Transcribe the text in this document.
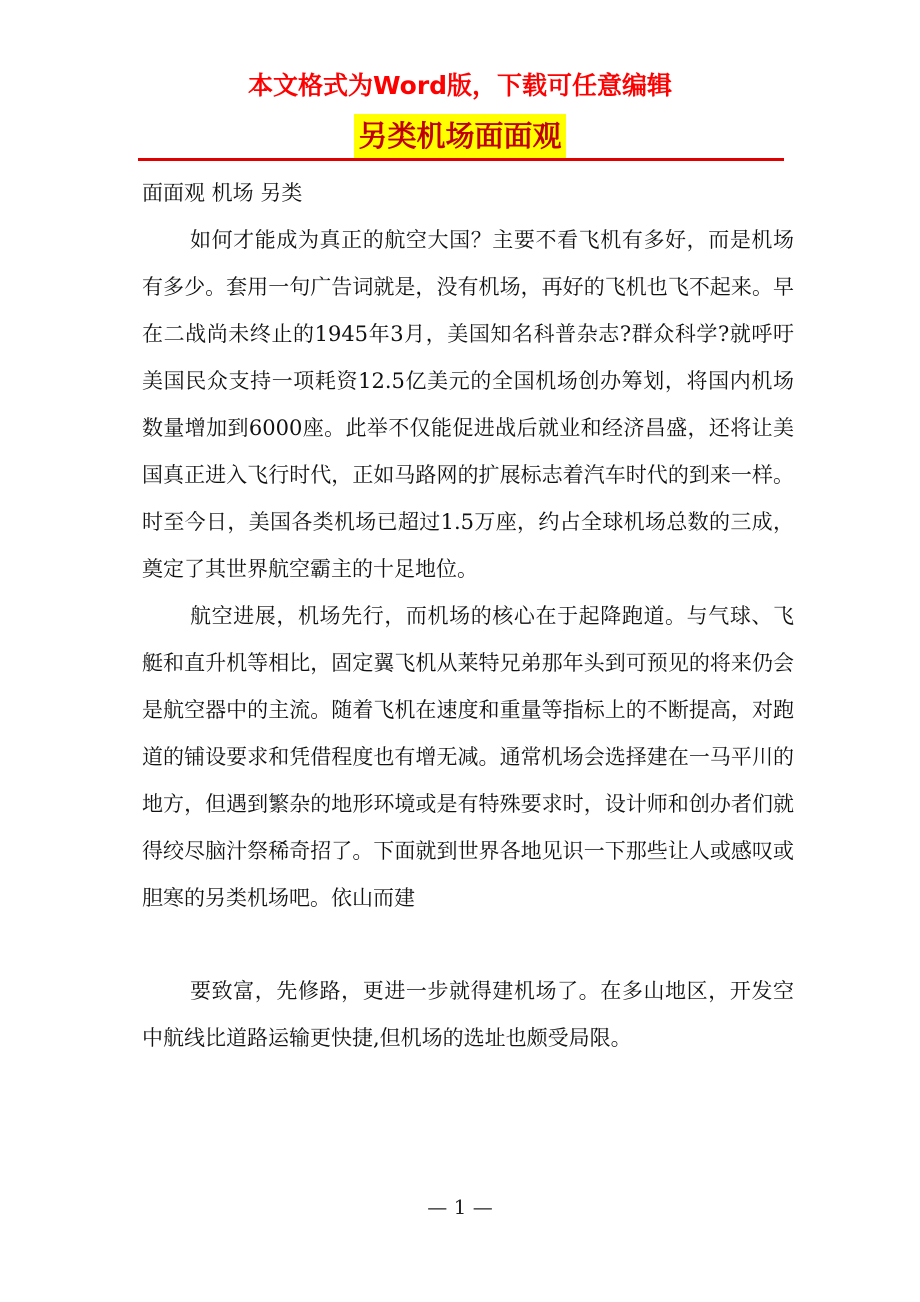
本文格式为Word版，下载可任意编辑
另类机场面面观

面面观 机场 另类

如何才能成为真正的航空大国？主要不看飞机有多好，而是机场有多少。套用一句广告词就是，没有机场，再好的飞机也飞不起来。早在二战尚未终止的1945年3月，美国知名科普杂志?群众科学?就呼吁美国民众支持一项耗资12.5亿美元的全国机场创办筹划，将国内机场数量增加到6000座。此举不仅能促进战后就业和经济昌盛，还将让美国真正进入飞行时代，正如马路网的扩展标志着汽车时代的到来一样。时至今日，美国各类机场已超过1.5万座，约占全球机场总数的三成，奠定了其世界航空霸主的十足地位。

航空进展，机场先行，而机场的核心在于起降跑道。与气球、飞艇和直升机等相比，固定翼飞机从莱特兄弟那年头到可预见的将来仍会是航空器中的主流。随着飞机在速度和重量等指标上的不断提高，对跑道的铺设要求和凭借程度也有增无减。通常机场会选择建在一马平川的地方，但遇到繁杂的地形环境或是有特殊要求时，设计师和创办者们就得绞尽脑汁祭稀奇招了。下面就到世界各地见识一下那些让人或感叹或胆寒的另类机场吧。依山而建

要致富，先修路，更进一步就得建机场了。在多山地区，开发空中航线比道路运输更快捷,但机场的选址也颇受局限。

— 1 —
